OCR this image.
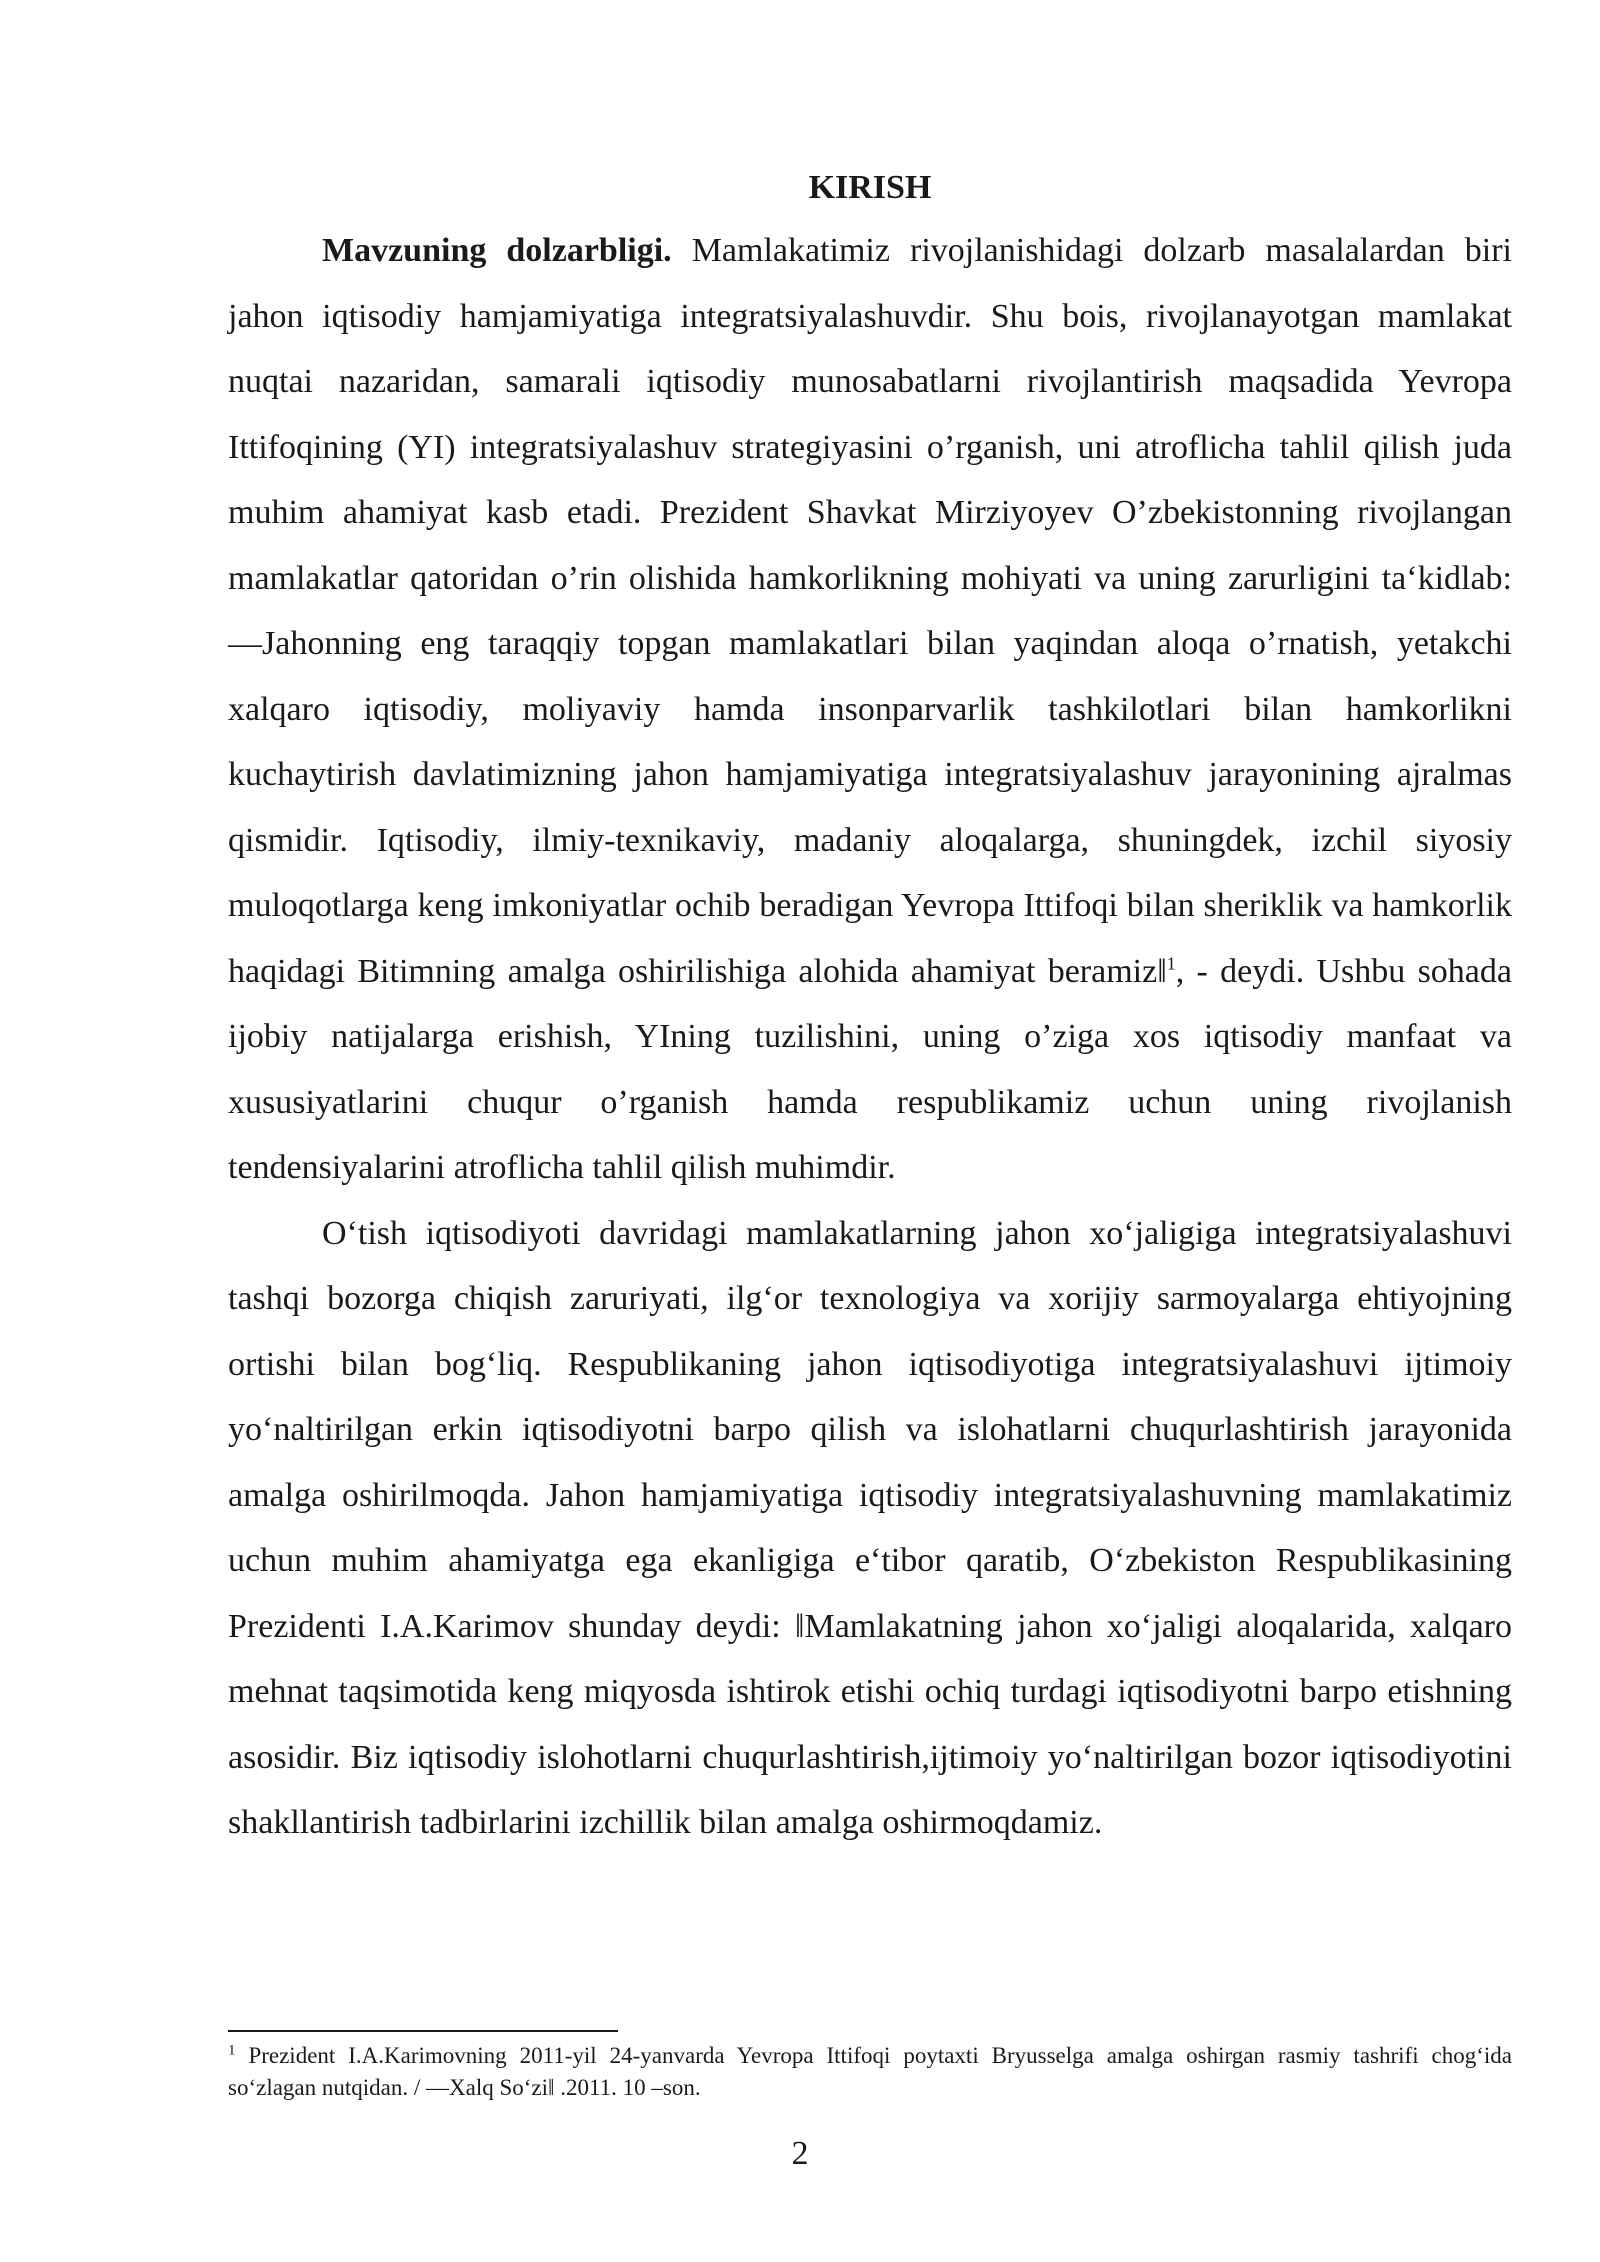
KIRISH

Mavzuning dolzarbligi. Mamlakatimiz rivojlanishidagi dolzarb masalalardan biri jahon iqtisodiy hamjamiyatiga integratsiyalashuvdir. Shu bois, rivojlanayotgan mamlakat nuqtai nazaridan, samarali iqtisodiy munosabatlarni rivojlantirish maqsadida Yevropa Ittifoqining (YI) integratsiyalashuv strategiyasini o’rganish, uni atroflicha tahlil qilish juda muhim ahamiyat kasb etadi. Prezident Shavkat Mirziyoyev O’zbekistonning rivojlangan mamlakatlar qatoridan o’rin olishida hamkorlikning mohiyati va uning zarurligini ta‘kidlab: ―Jahonning eng taraqqiy topgan mamlakatlari bilan yaqindan aloqa o’rnatish, yetakchi xalqaro iqtisodiy, moliyaviy hamda insonparvarlik tashkilotlari bilan hamkorlikni kuchaytirish davlatimizning jahon hamjamiyatiga integratsiyalashuv jarayonining ajralmas qismidir. Iqtisodiy, ilmiy-texnikaviy, madaniy aloqalarga, shuningdek, izchil siyosiy muloqotlarga keng imkoniyatlar ochib beradigan Yevropa Ittifoqi bilan sheriklik va hamkorlik haqidagi Bitimning amalga oshirilishiga alohida ahamiyat beramiz‖$^1$, - deydi. Ushbu sohada ijobiy natijalarga erishish, YIning tuzilishini, uning o’ziga xos iqtisodiy manfaat va xususiyatlarini chuqur o’rganish hamda respublikamiz uchun uning rivojlanish tendensiyalarini atroflicha tahlil qilish muhimdir.

O‘tish iqtisodiyoti davridagi mamlakatlarning jahon xo‘jaligiga integratsiyalashuvi tashqi bozorga chiqish zaruriyati, ilg‘or texnologiya va xorijiy sarmoyalarga ehtiyojning ortishi bilan bog‘liq. Respublikaning jahon iqtisodiyotiga integratsiyalashuvi ijtimoiy yo‘naltirilgan erkin iqtisodiyotni barpo qilish va islohatlarni chuqurlashtirish jarayonida amalga oshirilmoqda. Jahon hamjamiyatiga iqtisodiy integratsiyalashuvning mamlakatimiz uchun muhim ahamiyatga ega ekanligiga e‘tibor qaratib, O‘zbekiston Respublikasining Prezidenti I.A.Karimov shunday deydi: ‖Mamlakatning jahon xo‘jaligi aloqalarida, xalqaro mehnat taqsimotida keng miqyosda ishtirok etishi ochiq turdagi iqtisodiyotni barpo etishning asosidir. Biz iqtisodiy islohotlarni chuqurlashtirish,ijtimoiy yo‘naltirilgan bozor iqtisodiyotini shakllantirish tadbirlarini izchillik bilan amalga oshirmoqdamiz.

$^1$ Prezident I.A.Karimovning 2011-yil 24-yanvarda Yevropa Ittifoqi poytaxti Bryusselga amalga oshirgan rasmiy tashrifi chog‘ida so‘zlagan nutqidan. / ―Xalq So‘zi‖ .2011. 10 –son.

2
